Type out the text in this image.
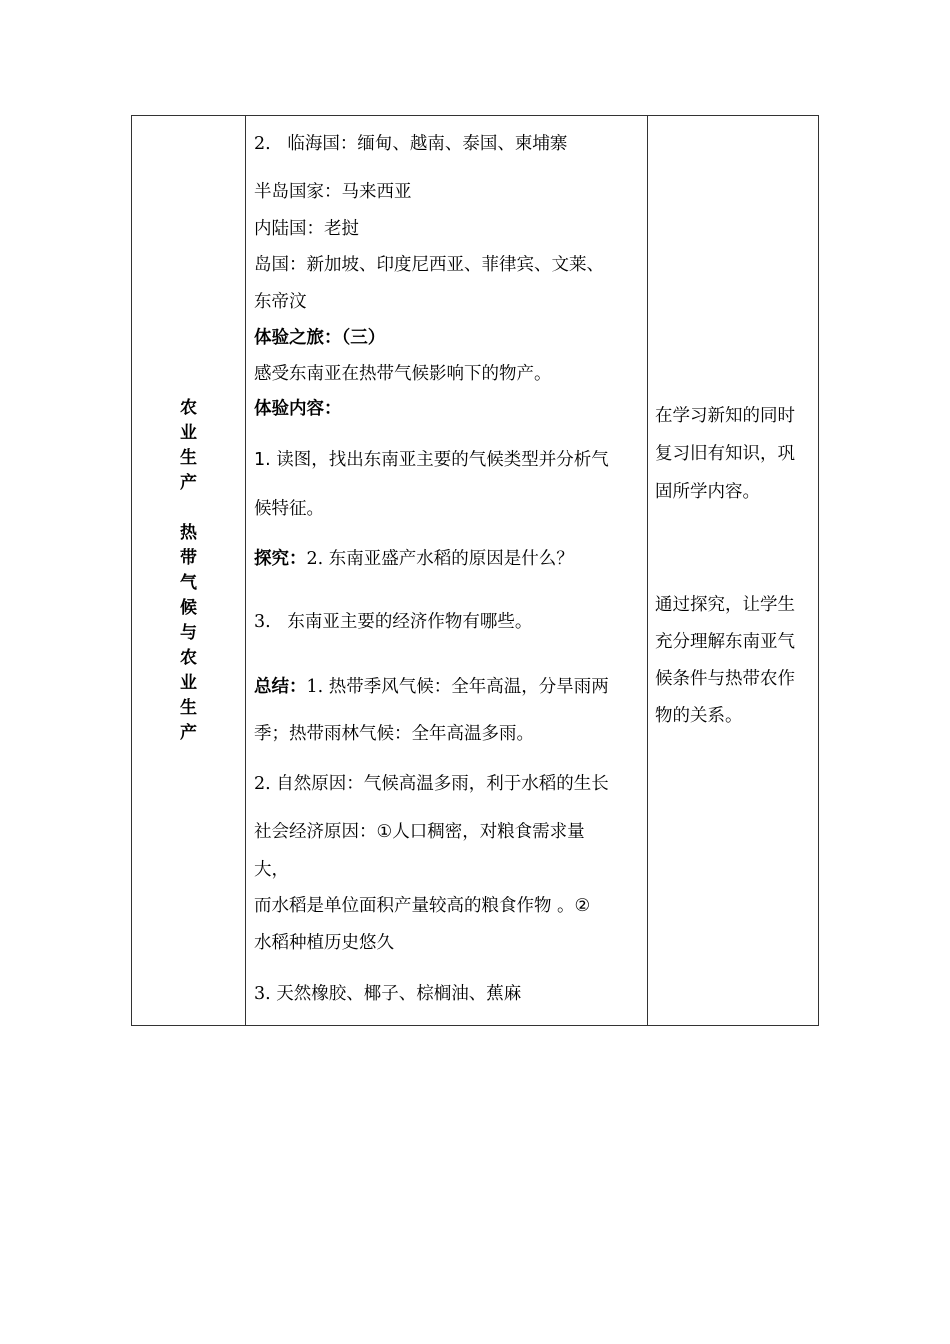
农
业
生
产
热
带
气
候
与
农
业
生
产
2. 临海国：缅甸、越南、泰国、柬埔寨
半岛国家：马来西亚
内陆国：老挝
岛国：新加坡、印度尼西亚、菲律宾、文莱、
东帝汶
体验之旅：（三）
感受东南亚在热带气候影响下的物产。
体验内容：
1. 读图，找出东南亚主要的气候类型并分析气
候特征。
探究：2. 东南亚盛产水稻的原因是什么？
3. 东南亚主要的经济作物有哪些。
总结：1. 热带季风气候：全年高温，分旱雨两
季；热带雨林气候：全年高温多雨。
2. 自然原因：气候高温多雨，利于水稻的生长
社会经济原因：①人口稠密，对粮食需求量
大，
而水稻是单位面积产量较高的粮食作物 。②
水稻种植历史悠久
3. 天然橡胶、椰子、棕榈油、蕉麻
在学习新知的同时
复习旧有知识，巩
固所学内容。
通过探究，让学生
充分理解东南亚气
候条件与热带农作
物的关系。
